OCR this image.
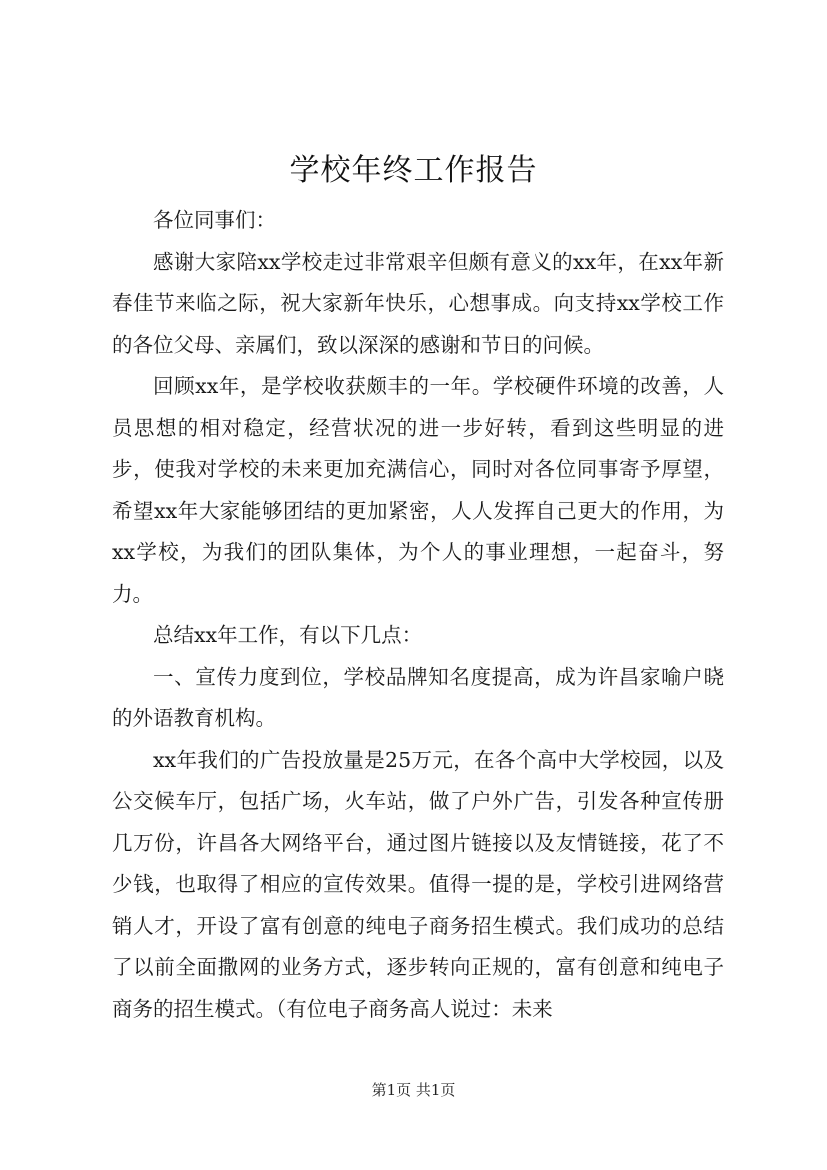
学校年终工作报告

各位同事们：

感谢大家陪xx学校走过非常艰辛但颇有意义的xx年，在xx年新春佳节来临之际，祝大家新年快乐，心想事成。向支持xx学校工作的各位父母、亲属们，致以深深的感谢和节日的问候。

回顾xx年，是学校收获颇丰的一年。学校硬件环境的改善，人员思想的相对稳定，经营状况的进一步好转，看到这些明显的进步，使我对学校的未来更加充满信心，同时对各位同事寄予厚望，希望xx年大家能够团结的更加紧密，人人发挥自己更大的作用，为xx学校，为我们的团队集体，为个人的事业理想，一起奋斗，努力。

总结xx年工作，有以下几点：

一、宣传力度到位，学校品牌知名度提高，成为许昌家喻户晓的外语教育机构。

xx年我们的广告投放量是25万元，在各个高中大学校园，以及公交候车厅，包括广场，火车站，做了户外广告，引发各种宣传册几万份，许昌各大网络平台，通过图片链接以及友情链接，花了不少钱，也取得了相应的宣传效果。值得一提的是，学校引进网络营销人才，开设了富有创意的纯电子商务招生模式。我们成功的总结了以前全面撒网的业务方式，逐步转向正规的，富有创意和纯电子商务的招生模式。（有位电子商务高人说过：未来

第1页 共1页
